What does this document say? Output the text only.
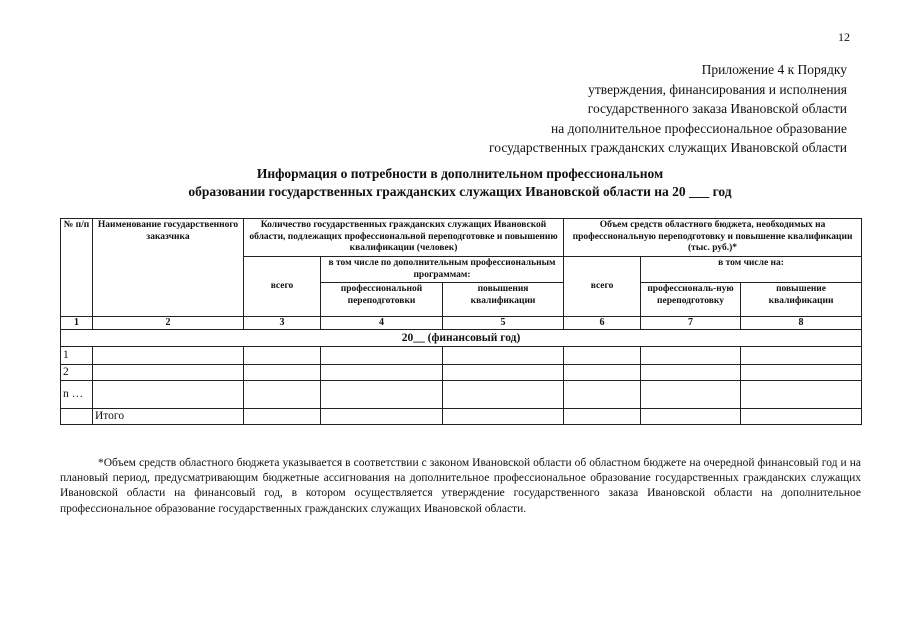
12
Приложение 4 к Порядку
утверждения, финансирования и исполнения
государственного заказа Ивановской области
на дополнительное профессиональное образование
государственных гражданских служащих Ивановской области
Информация о потребности в дополнительном профессиональном
образовании государственных гражданских служащих Ивановской области на 20 ___ год
№ п/п	Наименование государственного заказчика	Количество государственных гражданских служащих Ивановской области, подлежащих профессиональной переподготовке и повышению квалификации (человек)			Объем средств областного бюджета, необходимых на профессиональную переподготовку и повышение квалификации (тыс. руб.)*		
		всего	в том числе по дополнительным профессиональным программам:		всего	в том числе на:	
			профессиональной переподготовки	повышения квалификации		профессиональ-ную переподготовку	повышение квалификации
1	2	3	4	5	6	7	8
20__ (финансовый год)							
1							
2							
n …							
	Итого						
*Объем средств областного бюджета указывается в соответствии с законом Ивановской области об областном бюджете на очередной финансовый год и на плановый период, предусматривающим бюджетные ассигнования на дополнительное профессиональное образование государственных гражданских служащих Ивановской области на финансовый год, в котором осуществляется утверждение государственного заказа Ивановской области на дополнительное профессиональное образование государственных гражданских служащих Ивановской области.
